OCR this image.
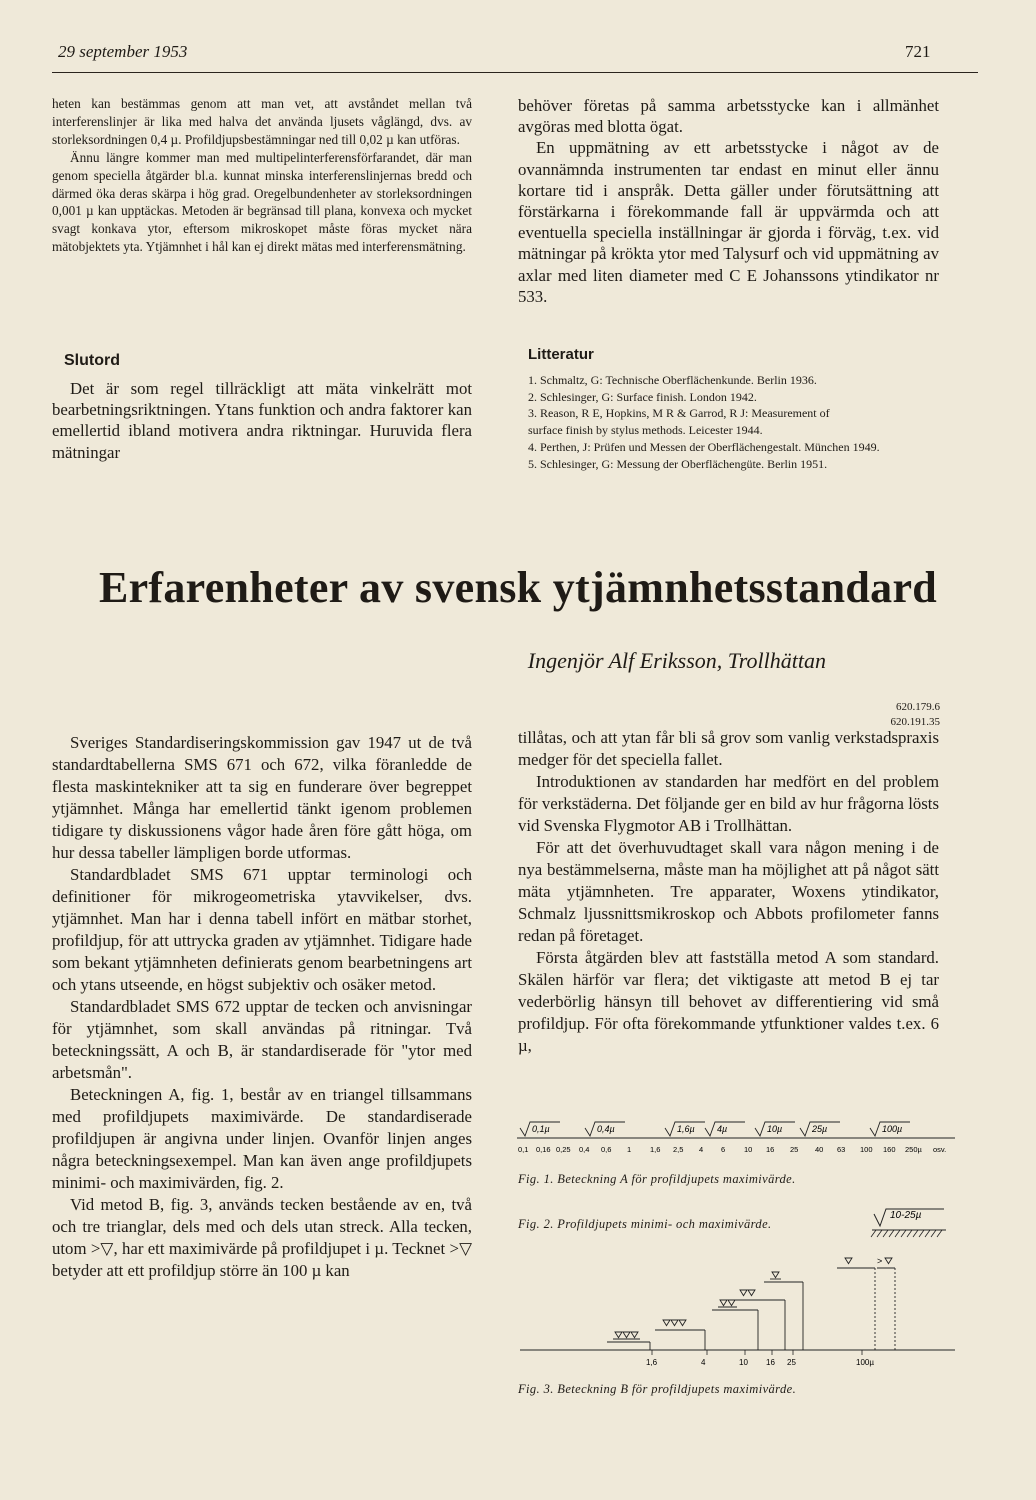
29 september 1953	721

heten kan bestämmas genom att man vet, att avståndet mellan två interferenslinjer är lika med halva det använda ljusets våglängd, dvs. av storleksordningen 0,4 µ. Profildjupsbestämningar ned till 0,02 µ kan utföras.

Ännu längre kommer man med multipelinterferensförfarandet, där man genom speciella åtgärder bl.a. kunnat minska interferenslinjernas bredd och därmed öka deras skärpa i hög grad. Oregelbundenheter av storleksordningen 0,001 µ kan upptäckas. Metoden är begränsad till plana, konvexa och mycket svagt konkava ytor, eftersom mikroskopet måste föras mycket nära mätobjektets yta. Ytjämnhet i hål kan ej direkt mätas med interferensmätning.

Slutord

Det är som regel tillräckligt att mäta vinkelrätt mot bearbetningsriktningen. Ytans funktion och andra faktorer kan emellertid ibland motivera andra riktningar. Huruvida flera mätningar

behöver företas på samma arbetsstycke kan i allmänhet avgöras med blotta ögat.

En uppmätning av ett arbetsstycke i något av de ovannämnda instrumenten tar endast en minut eller ännu kortare tid i anspråk. Detta gäller under förutsättning att förstärkarna i förekommande fall är uppvärmda och att eventuella speciella inställningar är gjorda i förväg, t.ex. vid mätningar på krökta ytor med Talysurf och vid uppmätning av axlar med liten diameter med C E Johanssons ytindikator nr 533.

Litteratur
1. Schmaltz, G: Technische Oberflächenkunde. Berlin 1936.
2. Schlesinger, G: Surface finish. London 1942.
3. Reason, R E, Hopkins, M R & Garrod, R J: Measurement of
surface finish by stylus methods. Leicester 1944.
4. Perthen, J: Prüfen und Messen der Oberflächengestalt. München 1949.
5. Schlesinger, G: Messung der Oberflächengüte. Berlin 1951.
Erfarenheter av svensk ytjämnhetsstandard
Ingenjör Alf Eriksson, Trollhättan
620.179.6
620.191.35

Sveriges Standardiseringskommission gav 1947 ut de två standardtabellerna SMS 671 och 672, vilka föranledde de flesta maskintekniker att ta sig en funderare över begreppet ytjämnhet. Många har emellertid tänkt igenom problemen tidigare ty diskussionens vågor hade åren före gått höga, om hur dessa tabeller lämpligen borde utformas.

Standardbladet SMS 671 upptar terminologi och definitioner för mikrogeometriska ytavvikelser, dvs. ytjämnhet. Man har i denna tabell infört en mätbar storhet, profildjup, för att uttrycka graden av ytjämnhet. Tidigare hade som bekant ytjämnheten definierats genom bearbetningens art och ytans utseende, en högst subjektiv och osäker metod.

Standardbladet SMS 672 upptar de tecken och anvisningar för ytjämnhet, som skall användas på ritningar. Två beteckningssätt, A och B, är standardiserade för "ytor med arbetsmån".

Beteckningen A, fig. 1, består av en triangel tillsammans med profildjupets maximivärde. De standardiserade profildjupen är angivna under linjen. Ovanför linjen anges några beteckningsexempel. Man kan även ange profildjupets minimi- och maximivärden, fig. 2.

Vid metod B, fig. 3, används tecken bestående av en, två och tre trianglar, dels med och dels utan streck. Alla tecken, utom >▽, har ett maximivärde på profildjupet i µ. Tecknet >▽ betyder att ett profildjup större än 100 µ kan

tillåtas, och att ytan får bli så grov som vanlig verkstadspraxis medger för det speciella fallet.

Introduktionen av standarden har medfört en del problem för verkstäderna. Det följande ger en bild av hur frågorna lösts vid Svenska Flygmotor AB i Trollhättan.

För att det överhuvudtaget skall vara någon mening i de nya bestämmelserna, måste man ha möjlighet att på något sätt mäta ytjämnheten. Tre apparater, Woxens ytindikator, Schmalz ljussnittsmikroskop och Abbots profilometer fanns redan på företaget.

Första åtgärden blev att fastställa metod A som standard. Skälen härför var flera; det viktigaste att metod B ej tar vederbörlig hänsyn till behovet av differentiering vid små profildjup. För ofta förekommande ytfunktioner valdes t.ex. 6 µ,

0,1µ	0,4µ	1,6µ 4µ	10µ	25µ	100µ
0,1 0,16 0,25 0,4 0,6 1	1,6 2,5 4 6	10 16 25 40 63 100 160 250µ osv.
Fig. 1. Beteckning A för profildjupets maximivärde.
Fig. 2. Profildjupets minimi- och maximivärde.
10-25µ
>
1,6	4	10 16 25	100µ
Fig. 3. Beteckning B för profildjupets maximivärde.
